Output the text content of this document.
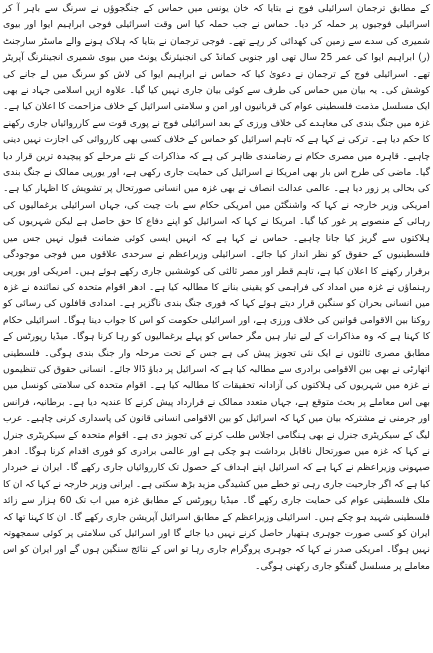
کے مطابق ترجمان اسرائیلی فوج نے بتایا کہ خان یونس میں حماس کے جنگجوؤں نے سرنگ سے باہر آ کر اسرائیلی فوجیوں پر حملہ کر دیا۔ حماس نے جب حملہ کیا اس وقت اسرائیلی فوجی ابراہیم ایوا اور بیوی شمیری کی سدے سے زمین کی کھدائی کر رہے تھے۔ فوجی ترجمان نے بتایا کہ ہلاک ہونے والے ماسٹر سارجنٹ (ر) ابراہیم ایوا کی عمر 25 سال تھی اور جنوبی کمانڈ کی انجنیئرنگ یونٹ میں بیوی شمیری انجینئرنگ آپریٹر تھے۔ اسرائیلی فوج کے ترجمان نے دعویٰ کیا کہ حماس نے ابراہیم ایوا کی لاش کو سرنگ میں لے جانے کی کوشش کی۔ یہ بیان میں حماس کی طرف سے کوئی بیان جاری نہیں کیا گیا۔ علاوہ ازیں اسلامی جہاد نے بھی ایک مسلسل مذمت فلسطینی عوام کی قربانیوں اور امن و سلامتی اسرائیل کے خلاف مزاحمت کا اعلان کیا ہے۔ غزہ میں جنگ بندی کی معاہدے کی خلاف ورزی کے بعد اسرائیلی فوج نے پوری قوت سے کارروائیاں جاری رکھنے کا حکم دیا ہے۔ ترکی نے کہا ہے کہ تاہم اسرائیل کو حماس کے خلاف کسی بھی کارروائی کی اجازت نہیں دینی چاہیے۔ قاہرہ میں مصری حکام نے رضامندی ظاہر کی ہے کہ مذاکرات کے نئے مرحلے کو پیچیدہ ترین قرار دیا گیا۔ ماضی کی طرح اس بار بھی امریکا نے اسرائیل کی حمایت جاری رکھی ہے، اور یورپی ممالک نے جنگ بندی کی بحالی پر زور دیا ہے۔ عالمی عدالت انصاف نے بھی غزہ میں انسانی صورتحال پر تشویش کا اظہار کیا ہے۔ امریکی وزیر خارجہ نے کہا کہ واشنگٹن میں امریکی حکام سے بات چیت کی، جہاں اسرائیلی یرغمالیوں کی رہائی کے منصوبے پر غور کیا گیا۔ امریکا نے کہا کہ اسرائیل کو اپنے دفاع کا حق حاصل ہے لیکن شہریوں کی ہلاکتوں سے گریز کیا جانا چاہیے۔ حماس نے کہا ہے کہ انہیں ایسی کوئی ضمانت قبول نہیں جس میں فلسطینیوں کے حقوق کو نظر انداز کیا جائے۔ اسرائیلی وزیراعظم نے سرحدی علاقوں میں فوجی موجودگی برقرار رکھنے کا اعلان کیا ہے، تاہم قطر اور مصر ثالثی کی کوششیں جاری رکھے ہوئے ہیں۔ امریکی اور یورپی رہنماؤں نے غزہ میں امداد کی فراہمی کو یقینی بنانے کا مطالبہ کیا ہے۔ ادھر اقوام متحدہ کی نمائندہ نے غزہ میں انسانی بحران کو سنگین قرار دیتے ہوئے کہا کہ فوری جنگ بندی ناگزیر ہے۔ امدادی قافلوں کی رسائی کو روکنا بین الاقوامی قوانین کی خلاف ورزی ہے، اور اسرائیلی حکومت کو اس کا جواب دینا ہوگا۔ اسرائیلی حکام کا کہنا ہے کہ وہ مذاکرات کے لیے تیار ہیں مگر حماس کو پہلے یرغمالیوں کو رہا کرنا ہوگا۔ میڈیا رپورٹس کے مطابق مصری ثالثوں نے ایک نئی تجویز پیش کی ہے جس کے تحت مرحلہ وار جنگ بندی ہوگی۔ فلسطینی اتھارٹی نے بھی بین الاقوامی برادری سے مطالبہ کیا ہے کہ اسرائیل پر دباؤ ڈالا جائے۔ انسانی حقوق کی تنظیموں نے غزہ میں شہریوں کی ہلاکتوں کی آزادانہ تحقیقات کا مطالبہ کیا ہے۔ اقوام متحدہ کی سلامتی کونسل میں بھی اس معاملے پر بحث متوقع ہے، جہاں متعدد ممالک نے قرارداد پیش کرنے کا عندیہ دیا ہے۔ برطانیہ، فرانس اور جرمنی نے مشترکہ بیان میں کہا کہ اسرائیل کو بین الاقوامی انسانی قانون کی پاسداری کرنی چاہیے۔ عرب لیگ کے سیکریٹری جنرل نے بھی ہنگامی اجلاس طلب کرنے کی تجویز دی ہے۔ اقوام متحدہ کے سیکریٹری جنرل نے کہا کہ غزہ میں صورتحال ناقابل برداشت ہو چکی ہے اور عالمی برادری کو فوری اقدام کرنا ہوگا۔ ادھر صیہونی وزیراعظم نے کہا ہے کہ اسرائیل اپنے اہداف کے حصول تک کارروائیاں جاری رکھے گا۔ ایران نے خبردار کیا ہے کہ اگر جارحیت جاری رہی تو خطے میں کشیدگی مزید بڑھ سکتی ہے۔ ایرانی وزیر خارجہ نے کہا کہ ان کا ملک فلسطینی عوام کی حمایت جاری رکھے گا۔ میڈیا رپورٹس کے مطابق غزہ میں اب تک 60 ہزار سے زائد فلسطینی شہید ہو چکے ہیں۔ اسرائیلی وزیراعظم کے مطابق اسرائیل آپریشن جاری رکھے گا۔ ان کا کہنا تھا کہ ایران کو کسی صورت جوہری ہتھیار حاصل کرنے نہیں دیا جائے گا اور اسرائیل کی سلامتی پر کوئی سمجھوتہ نہیں ہوگا۔ امریکی صدر نے کہا کہ جوہری پروگرام جاری رہا تو اس کے نتائج سنگین ہوں گے اور ایران کو اس معاملے پر مسلسل گفتگو جاری رکھنی ہوگی۔
